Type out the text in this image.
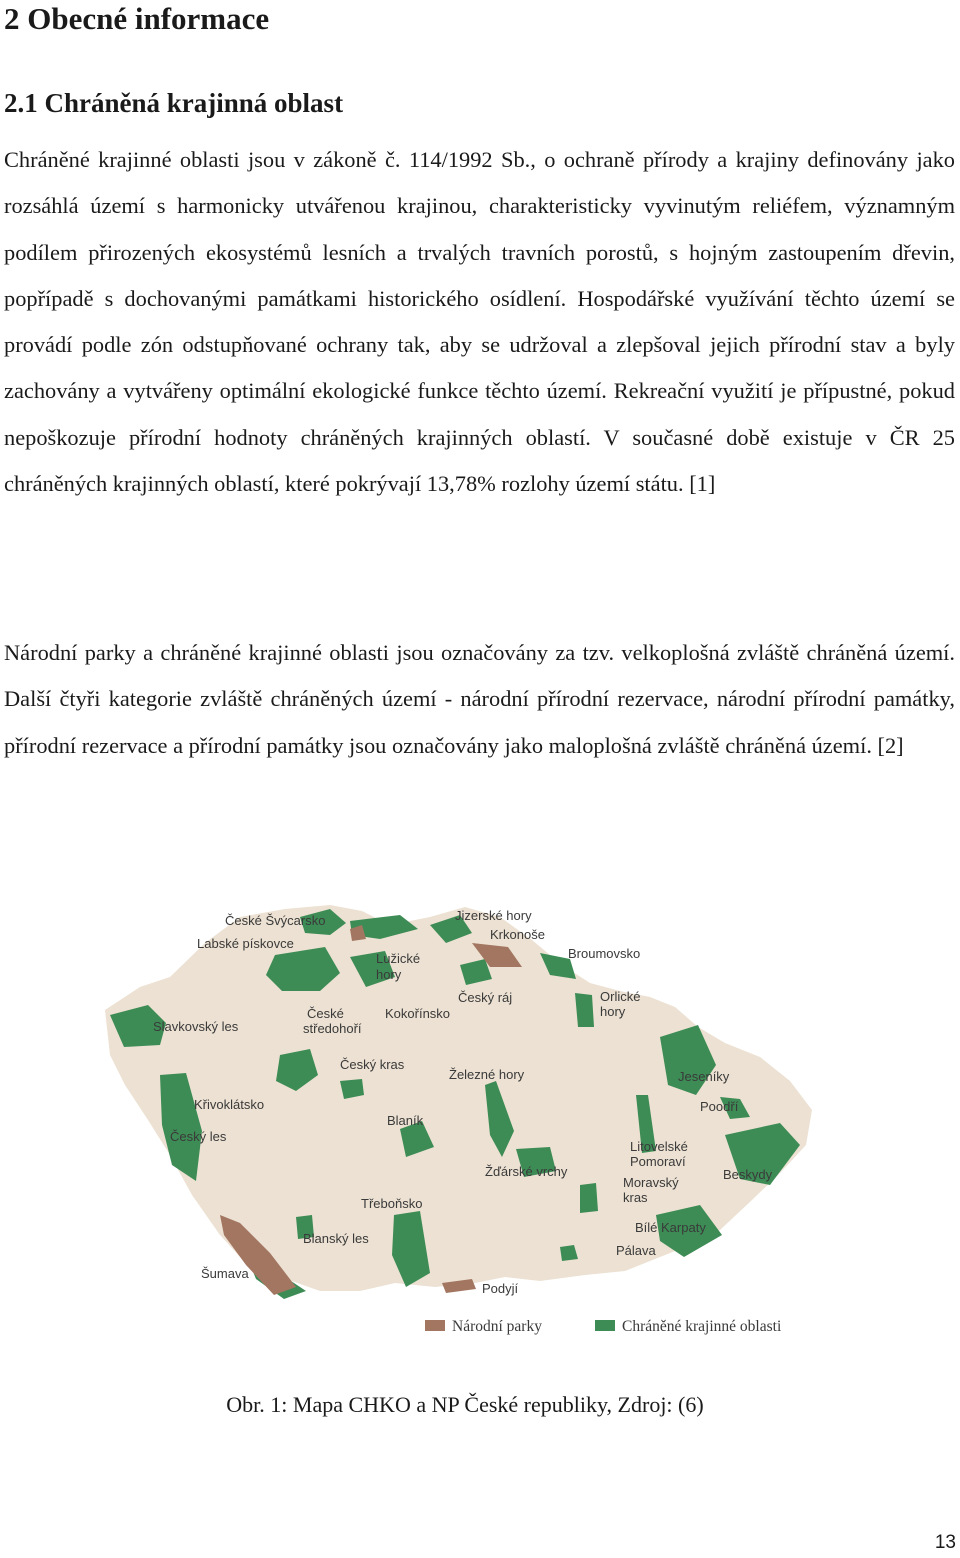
2 Obecné informace
2.1 Chráněná krajinná oblast

Chráněné krajinné oblasti jsou v zákoně č. 114/1992 Sb., o ochraně přírody a krajiny definovány jako rozsáhlá území s harmonicky utvářenou krajinou, charakteristicky vyvinutým reliéfem, významným podílem přirozených ekosystémů lesních a trvalých travních porostů, s hojným zastoupením dřevin, popřípadě s dochovanými památkami historického osídlení. Hospodářské využívání těchto území se provádí podle zón odstupňované ochrany tak, aby se udržoval a zlepšoval jejich přírodní stav a byly zachovány a vytvářeny optimální ekologické funkce těchto území. Rekreační využití je přípustné, pokud nepoškozuje přírodní hodnoty chráněných krajinných oblastí. V současné době existuje v ČR 25 chráněných krajinných oblastí, které pokrývají 13,78% rozlohy území státu. [1]

Národní parky a chráněné krajinné oblasti jsou označovány za tzv. velkoplošná zvláště chráněná území. Další čtyři kategorie zvláště chráněných území - národní přírodní rezervace, národní přírodní památky, přírodní rezervace a přírodní památky jsou označovány jako maloplošná zvláště chráněná území. [2]

České Švýcarsko
Labské pískovce
Jizerské hory
Krkonoše
Lužické
hory
Broumovsko
Český ráj	Orlické
hory
Slavkovský les
České
středohoří
Kokořínsko
Český kras
Železné hory	Jeseníky
Křivoklátsko	Poodří
Blaník
Český les
Litovelské
Pomoraví
Žďárské vrchy	Beskydy
Moravský
kras
Třeboňsko
Bílé Karpaty
Blanský les
Pálava
Šumava
Podyjí
Národní parky	Chráněné krajinné oblasti

Obr. 1: Mapa CHKO a NP České republiky, Zdroj: (6)

13
